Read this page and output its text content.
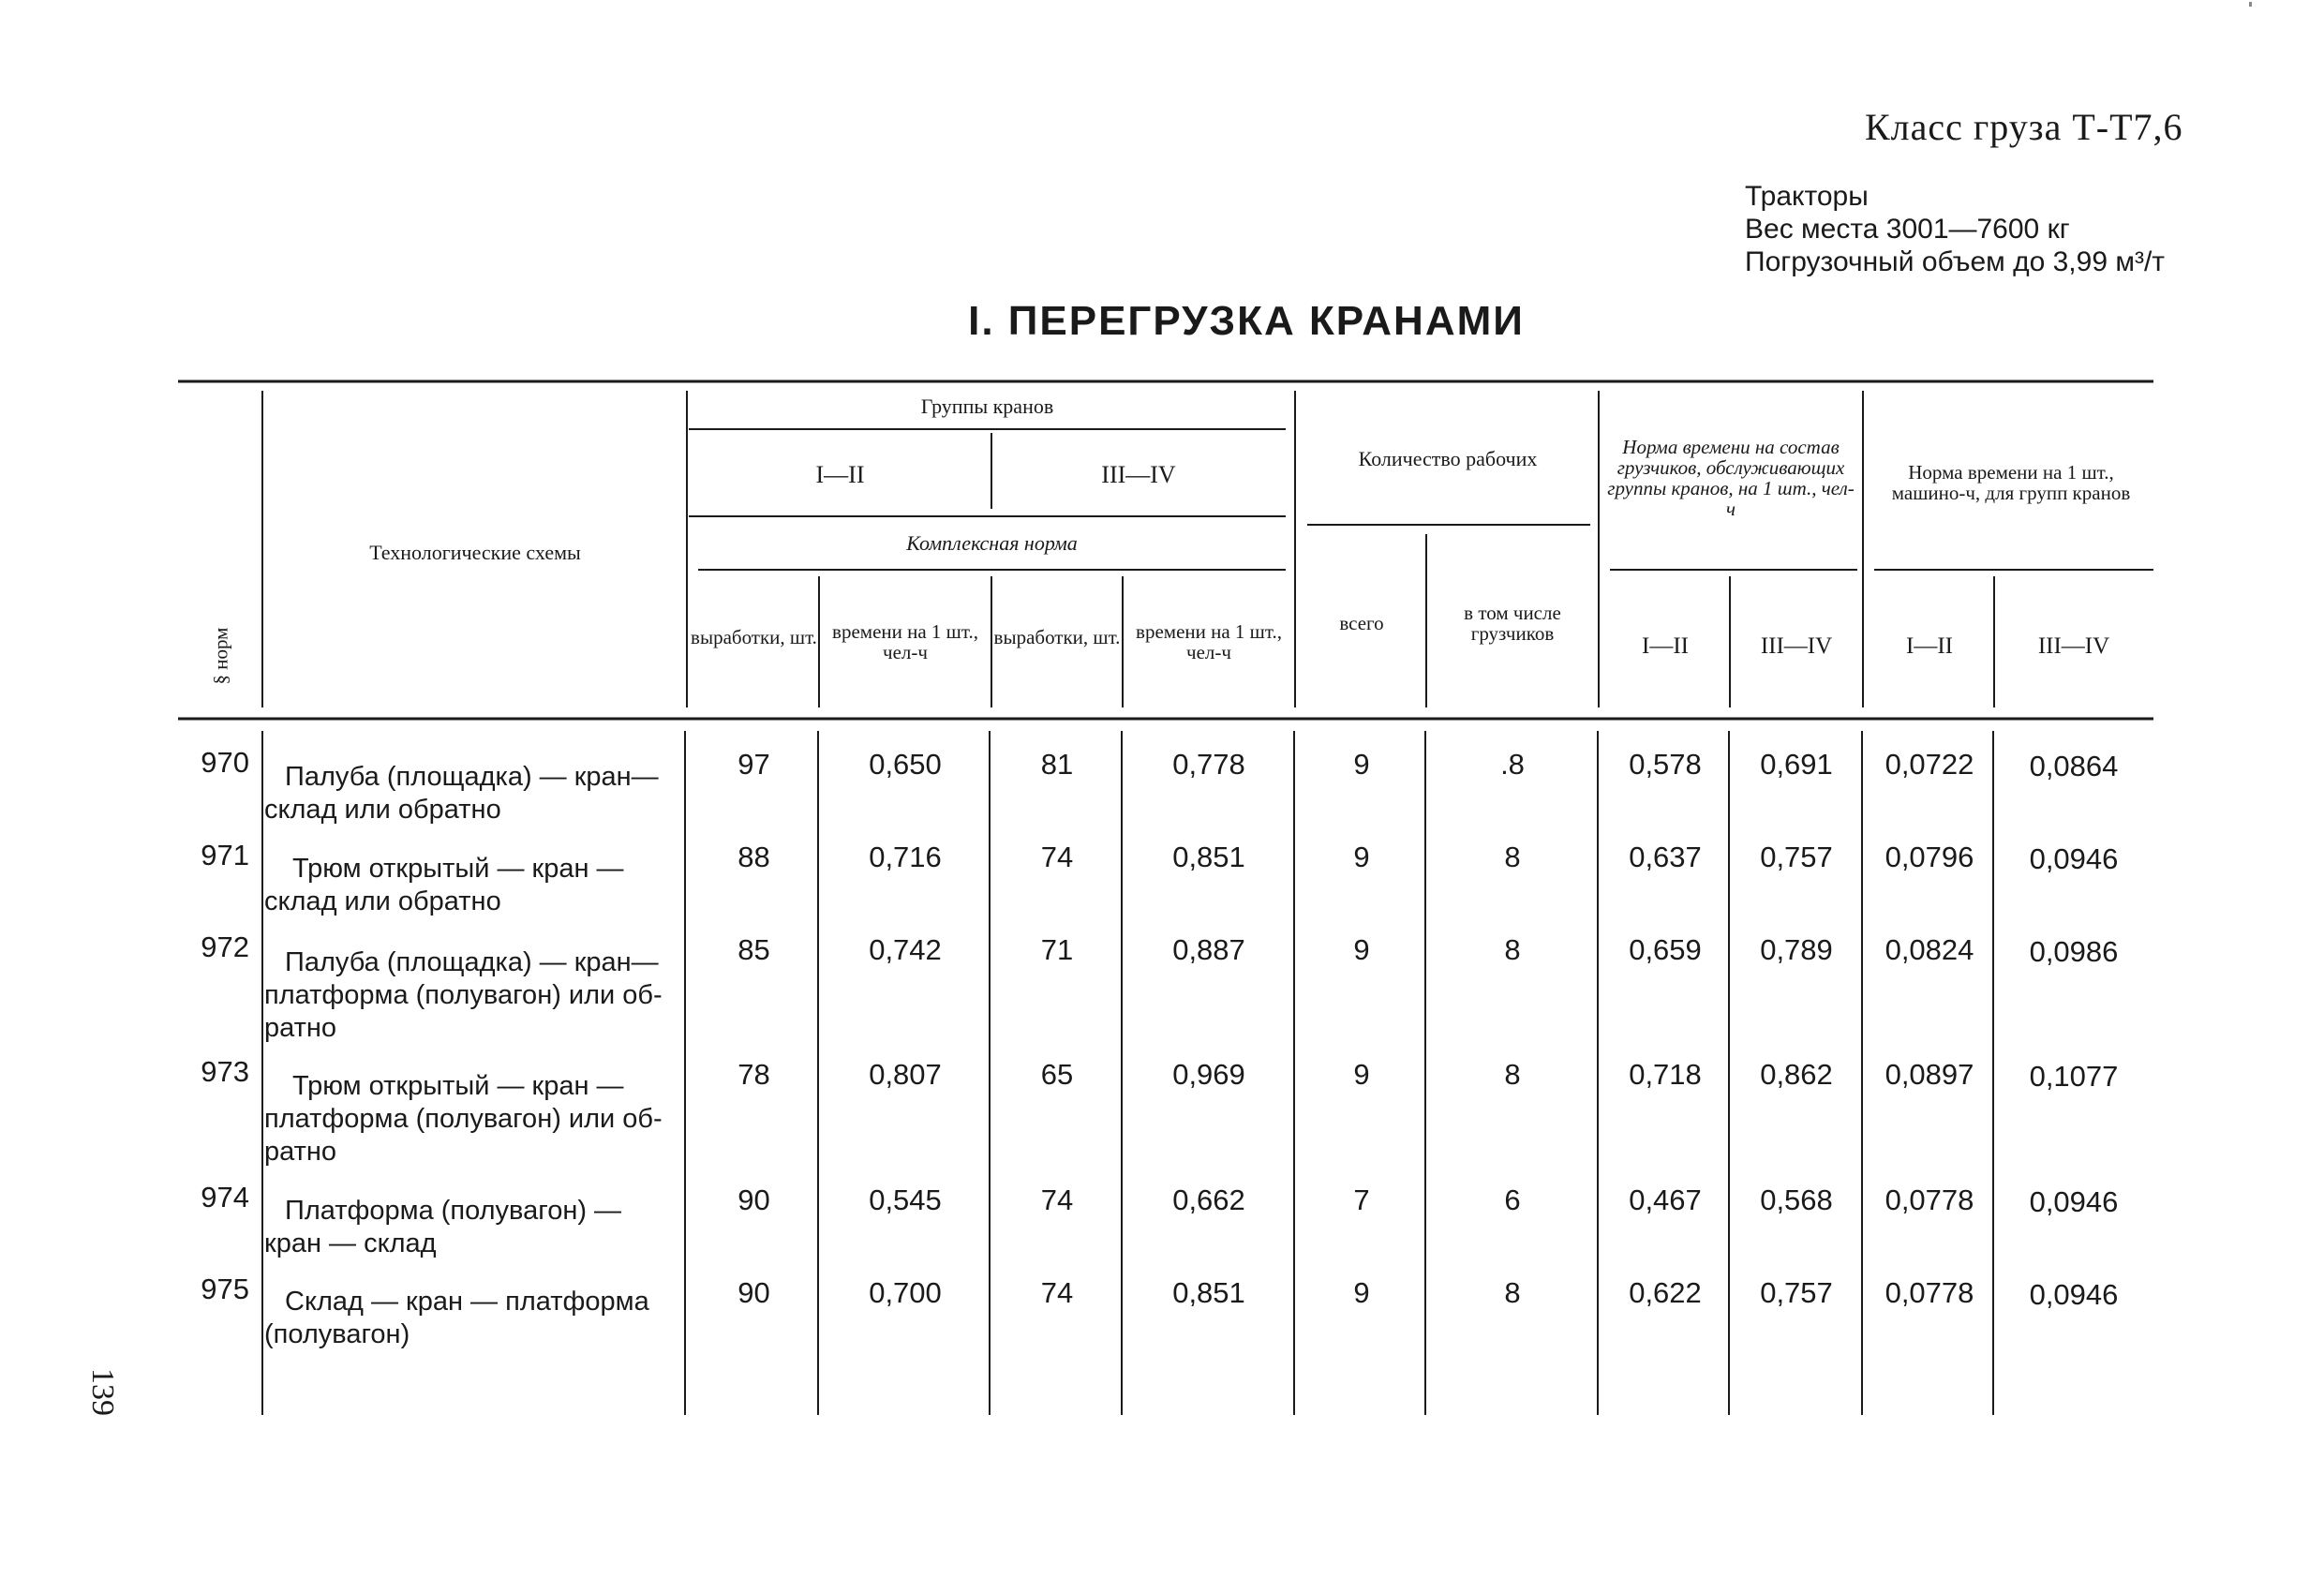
Класс груза Т-Т7,6
Тракторы
Вес места 3001—7600 кг
Погрузочный объем до 3,99 м³/т
I. ПЕРЕГРУЗКА КРАНАМИ
§ норм
Технологические схемы
Группы кранов
I—II	III—IV
Комплексная норма
выработки, шт. времени на 1 шт., чел-ч
выработки, шт. времени на 1 шт., чел-ч
Количество рабочих
всего	в том числе грузчиков
Норма времени на состав грузчиков, обслуживающих группы кранов, на 1 шт., чел-ч
I—II	III—IV
Норма времени на 1 шт., машино-ч, для групп кранов
I—II	III—IV
970	Палуба (площадка) — кран—
склад или обратно
97	0,650	81	0,778	9	.8	0,578	0,691	0,0722	0,0864
971	Трюм открытый — кран —
склад или обратно
88	0,716	74	0,851	9	8	0,637	0,757	0,0796	0,0946
972	Палуба (площадка) — кран—
платформа (полувагон) или об-
ратно
85	0,742	71	0,887	9	8	0,659	0,789	0,0824	0,0986
973	Трюм открытый — кран —
платформа (полувагон) или об-
ратно
78	0,807	65	0,969	9	8	0,718	0,862	0,0897	0,1077
974	Платформа (полувагон) —
кран — склад
90	0,545	74	0,662	7	6	0,467	0,568	0,0778	0,0946
975	Склад — кран — платформа
(полувагон)
90	0,700	74	0,851	9	8	0,622	0,757	0,0778	0,0946
139
